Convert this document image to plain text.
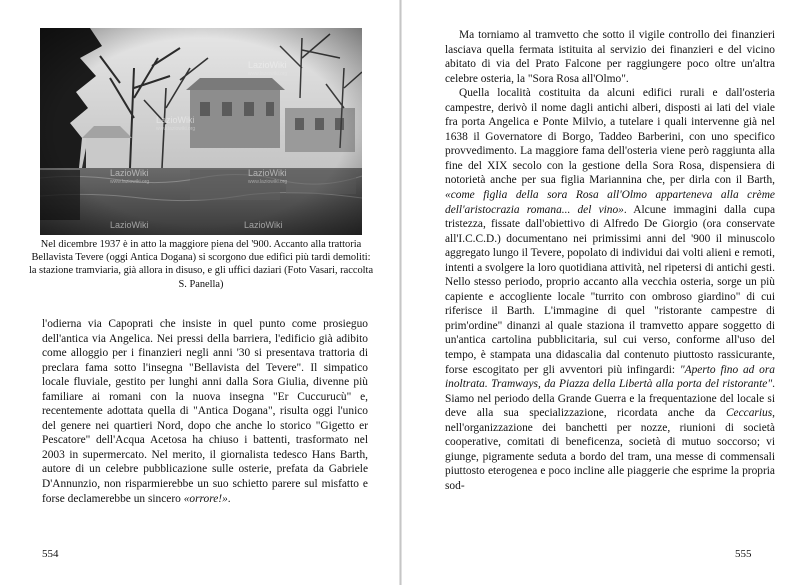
LazioWiki
LazioWiki
LazioWiki	LazioWiki
LazioWiki	LazioWiki
www.laziowiki.org
www.laziowiki.org
www.laziowiki.org	www.laziowiki.org
Nel dicembre 1937 è in atto la maggiore piena del '900. Accanto alla trattoria Bellavista Tevere (oggi Antica Dogana) si scorgono due edifici più tardi demoliti: la stazione tramviaria, già allora in disuso, e gli uffici daziari (Foto Vasari, raccolta S. Panella)

l'odierna via Capoprati che insiste in quel punto come prosieguo dell'antica via Angelica. Nei pressi della barriera, l'edificio già adibito come alloggio per i finanzieri negli anni '30 si presentava trattoria di preclara fama sotto l'insegna "Bellavista del Tevere". Il simpatico locale fluviale, gestito per lunghi anni dalla Sora Giulia, divenne più familiare ai romani con la nuova insegna "Er Cuccurucù" e, recentemente adottata quella di "Antica Dogana", risulta oggi l'unico del genere nei quartieri Nord, dopo che anche lo storico "Gigetto er Pescatore" dell'Acqua Acetosa ha chiuso i battenti, trasformato nel 2003 in supermercato. Nel merito, il giornalista tedesco Hans Barth, autore di un celebre pubblicazione sulle osterie, prefata da Gabriele D'Annunzio, non risparmierebbe un suo schietto parere sul misfatto e forse declamerebbe un sincero «orrore!».

554

Ma torniamo al tramvetto che sotto il vigile controllo dei finanzieri lasciava quella fermata istituita al servizio dei finanzieri e del vicino abitato di via del Prato Falcone per raggiungere poco oltre un'altra celebre osteria, la "Sora Rosa all'Olmo".

Quella località costituita da alcuni edifici rurali e dall'osteria campestre, derivò il nome dagli antichi alberi, disposti ai lati del viale fra porta Angelica e Ponte Milvio, a tutelare i quali intervenne già nel 1638 il Governatore di Borgo, Taddeo Barberini, con uno specifico provvedimento. La maggiore fama dell'osteria viene però raggiunta alla fine del XIX secolo con la gestione della Sora Rosa, dispensiera di notorietà anche per sua figlia Mariannina che, per dirla con il Barth, «come figlia della sora Rosa all'Olmo appartenevа alla crème dell'aristocrazia romana... del vino». Alcune immagini dalla cupa tristezza, fissate dall'obiettivo di Alfredo De Giorgio (ora conservate all'I.C.C.D.) documentano nei primissimi anni del '900 il minuscolo aggregato lungo il Tevere, popolato di individui dai volti alieni e remoti, intenti a svolgere la loro quotidiana attività, nel ripetersi di antichi gesti. Nello stesso periodo, proprio accanto alla vecchia osteria, sorge un più capiente e accogliente locale "turrito con ombroso giardino" di cui riferisce il Barth. L'immagine di quel "ristorante campestre di prim'ordine" dinanzi al quale staziona il tramvetto appare soggetto di un'antica cartolina pubblicitaria, sul cui verso, conforme all'uso del tempo, è stampata una didascalia dal contenuto piuttosto rassicurante, forse escogitato per gli avventori più infingardi: "Aperto fino ad ora inoltrata. Tramways, da Piazza della Libertà alla porta del ristorante". Siamo nel periodo della Grande Guerra e la frequentazione del locale si deve alla sua specializzazione, ricordata anche da Ceccarius, nell'organizzazione dei banchetti per nozze, riunioni di società cooperative, comitati di beneficenza, società di mutuo soccorso; vi giunge, pigramente seduta a bordo del tram, una messe di commensali piuttosto eterogenea e poco incline alle piaggerie che esprime la propria sod-

555
